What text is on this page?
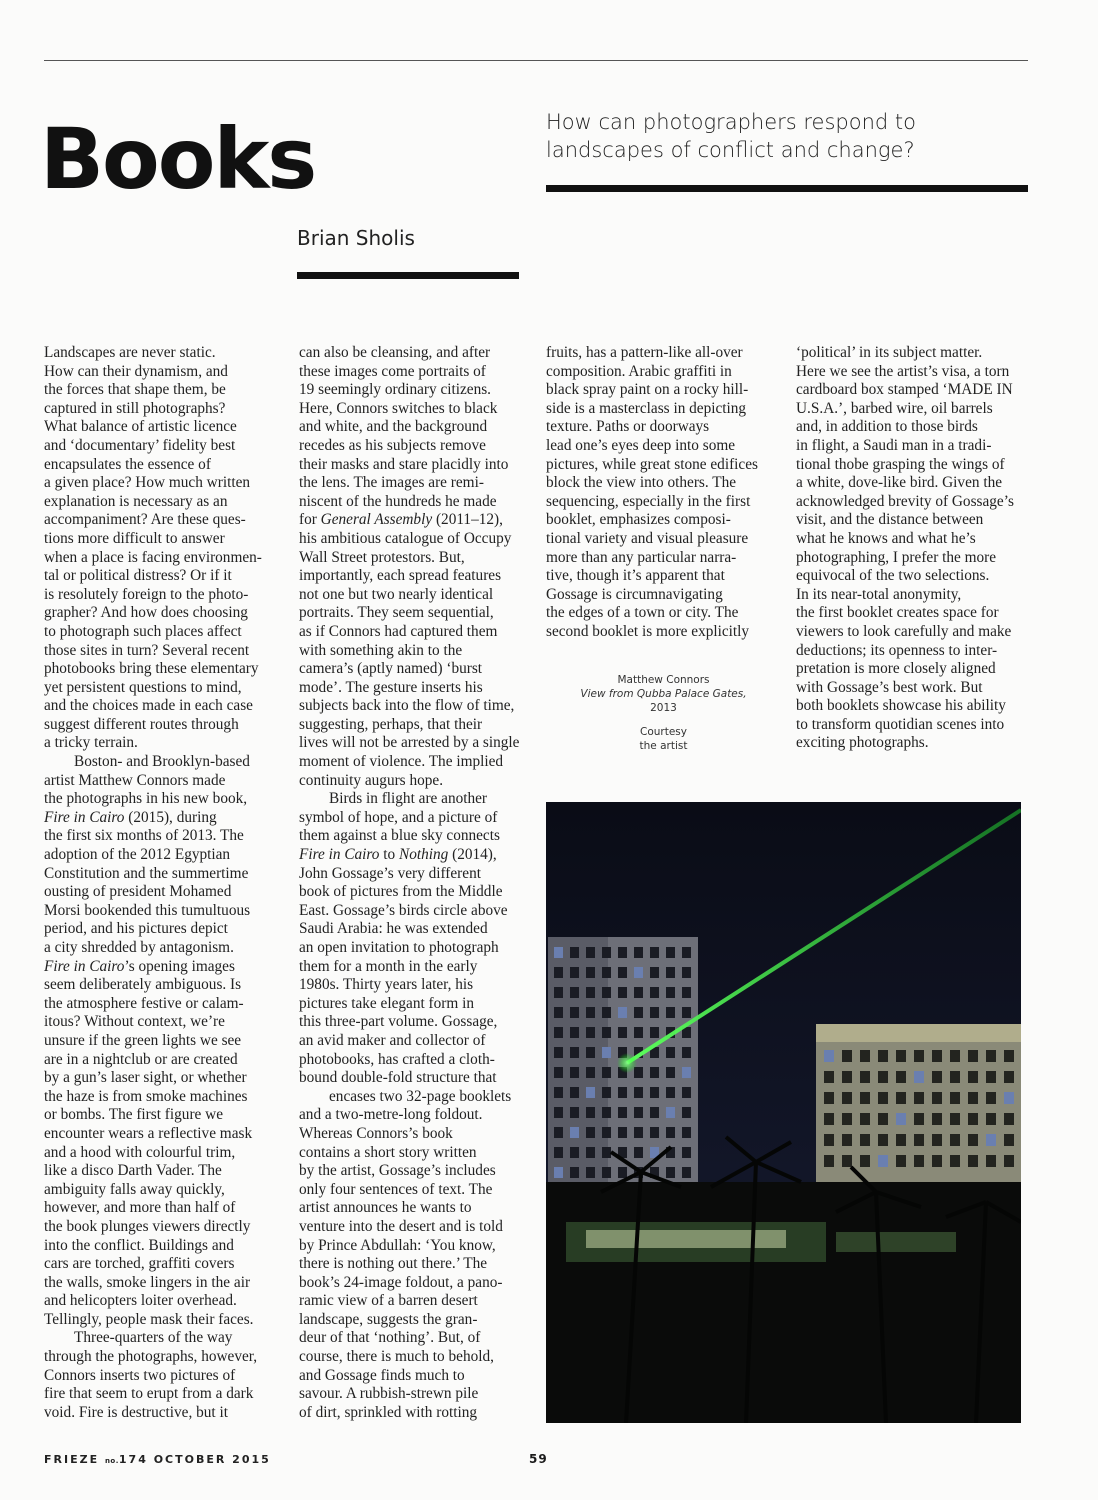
Books	How can photographers respond to landscapes of conflict and change?
Brian Sholis
Landscapes are never static.
How can their dynamism, and
the forces that shape them, be
captured in still photographs?
What balance of artistic licence
and ‘documentary’ fidelity best
encapsulates the essence of
a given place? How much written
explanation is necessary as an
accompaniment? Are these ques-
tions more difficult to answer
when a place is facing environmen-
tal or political distress? Or if it
is resolutely foreign to the photo-
grapher? And how does choosing
to photograph such places affect
those sites in turn? Several recent
photobooks bring these elementary
yet persistent questions to mind,
and the choices made in each case
suggest different routes through
a tricky terrain.
Boston- and Brooklyn-based
artist Matthew Connors made
the photographs in his new book,
Fire in Cairo (2015), during
the first six months of 2013. The
adoption of the 2012 Egyptian
Constitution and the summertime
ousting of president Mohamed
Morsi bookended this tumultuous
period, and his pictures depict
a city shredded by antagonism.
Fire in Cairo’s opening images
seem deliberately ambiguous. Is
the atmosphere festive or calam-
itous? Without context, we’re
unsure if the green lights we see
are in a nightclub or are created
by a gun’s laser sight, or whether
the haze is from smoke machines
or bombs. The first figure we
encounter wears a reflective mask
and a hood with colourful trim,
like a disco Darth Vader. The
ambiguity falls away quickly,
however, and more than half of
the book plunges viewers directly
into the conflict. Buildings and
cars are torched, graffiti covers
the walls, smoke lingers in the air
and helicopters loiter overhead.
Tellingly, people mask their faces.
Three-quarters of the way
through the photographs, however,
Connors inserts two pictures of
fire that seem to erupt from a dark
void. Fire is destructive, but it
can also be cleansing, and after
these images come portraits of
19 seemingly ordinary citizens.
Here, Connors switches to black
and white, and the background
recedes as his subjects remove
their masks and stare placidly into
the lens. The images are remi-
niscent of the hundreds he made
for General Assembly (2011–12),
his ambitious catalogue of Occupy
Wall Street protestors. But,
importantly, each spread features
not one but two nearly identical
portraits. They seem sequential,
as if Connors had captured them
with something akin to the
camera’s (aptly named) ‘burst
mode’. The gesture inserts his
subjects back into the flow of time,
suggesting, perhaps, that their
lives will not be arrested by a single
moment of violence. The implied
continuity augurs hope.
Birds in flight are another
symbol of hope, and a picture of
them against a blue sky connects
Fire in Cairo to Nothing (2014),
John Gossage’s very different
book of pictures from the Middle
East. Gossage’s birds circle above
Saudi Arabia: he was extended
an open invitation to photograph
them for a month in the early
1980s. Thirty years later, his
pictures take elegant form in
this three-part volume. Gossage,
an avid maker and collector of
photobooks, has crafted a cloth-
bound double-fold structure that
encases two 32-page booklets
and a two-metre-long foldout.
Whereas Connors’s book
contains a short story written
by the artist, Gossage’s includes
only four sentences of text. The
artist announces he wants to
venture into the desert and is told
by Prince Abdullah: ‘You know,
there is nothing out there.’ The
book’s 24-image foldout, a pano-
ramic view of a barren desert
landscape, suggests the gran-
deur of that ‘nothing’. But, of
course, there is much to behold,
and Gossage finds much to
savour. A rubbish-strewn pile
of dirt, sprinkled with rotting
fruits, has a pattern-like all-over
composition. Arabic graffiti in
black spray paint on a rocky hill-
side is a masterclass in depicting
texture. Paths or doorways
lead one’s eyes deep into some
pictures, while great stone edifices
block the view into others. The
sequencing, especially in the first
booklet, emphasizes composi-
tional variety and visual pleasure
more than any particular narra-
tive, though it’s apparent that
Gossage is circumnavigating
the edges of a town or city. The
second booklet is more explicitly
‘political’ in its subject matter.
Here we see the artist’s visa, a torn
cardboard box stamped ‘MADE IN
U.S.A.’, barbed wire, oil barrels
and, in addition to those birds
in flight, a Saudi man in a tradi-
tional thobe grasping the wings of
a white, dove-like bird. Given the
acknowledged brevity of Gossage’s
visit, and the distance between
what he knows and what he’s
photographing, I prefer the more
equivocal of the two selections.
In its near-total anonymity,
the first booklet creates space for
viewers to look carefully and make
deductions; its openness to inter-
pretation is more closely aligned
with Gossage’s best work. But
both booklets showcase his ability
to transform quotidian scenes into
exciting photographs.
Matthew Connors
View from Qubba Palace Gates,
2013
Courtesy
the artist
FRIEZE no.174 OCTOBER 2015	59
